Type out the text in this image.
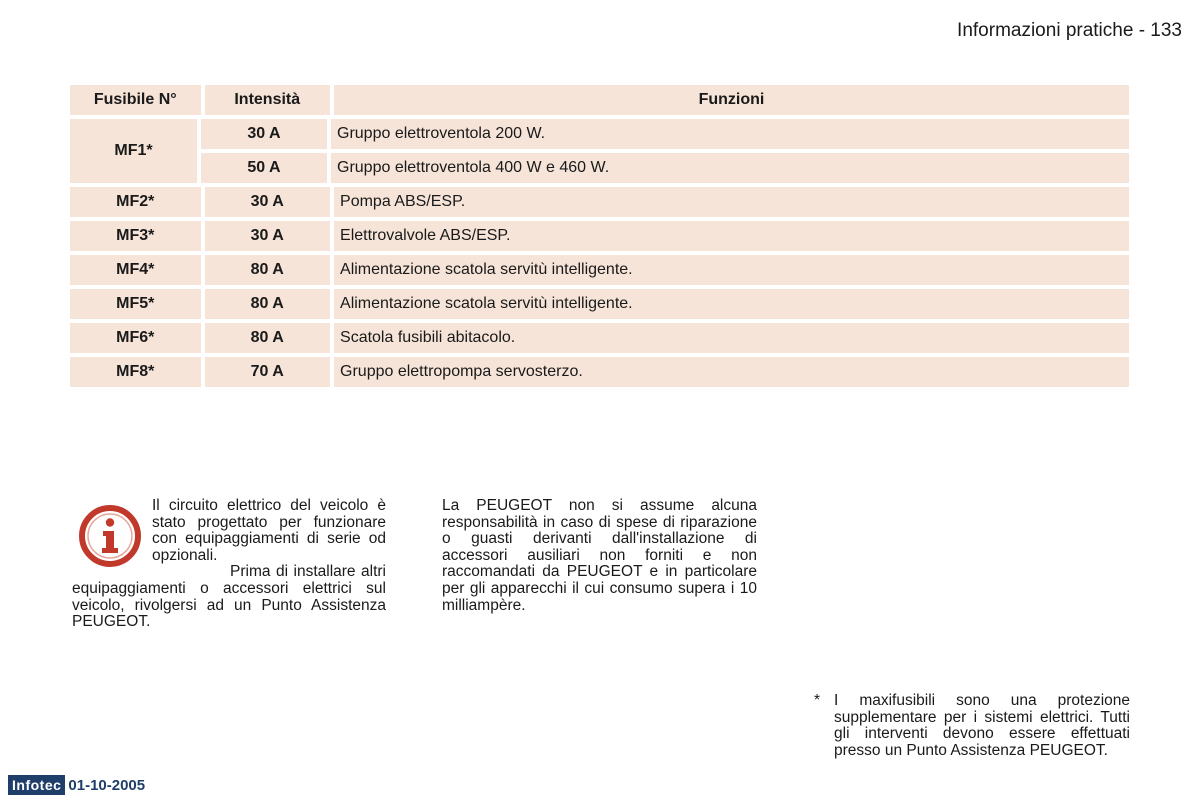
Informazioni pratiche - 133
Fusibile N°	Intensità	Funzioni
MF1*
30 A	Gruppo elettroventola 200 W.
50 A	Gruppo elettroventola 400 W e 460 W.
MF2*	30 A	Pompa ABS/ESP.
MF3*	30 A	Elettrovalvole ABS/ESP.
MF4*	80 A	Alimentazione scatola servitù intelligente.
MF5*	80 A	Alimentazione scatola servitù intelligente.
MF6*	80 A	Scatola fusibili abitacolo.
MF8*	70 A	Gruppo elettropompa servosterzo.

Il circuito elettrico del veicolo è stato progettato per funzionare con equipaggiamenti di serie od opzionali.

Prima di installare altri equipaggiamenti o accessori elettrici sul veicolo, rivolgersi ad un Punto Assistenza PEUGEOT.

La PEUGEOT non si assume alcuna responsabilità in caso di spese di riparazione o guasti derivanti dall'installazione di accessori ausiliari non forniti e non raccomandati da PEUGEOT e in particolare per gli apparecchi il cui consumo supera i 10 milliampère.

* I maxifusibili sono una protezione supplementare per i sistemi elettrici. Tutti gli interventi devono essere effettuati presso un Punto Assistenza PEUGEOT.
Infotec 01-10-2005
